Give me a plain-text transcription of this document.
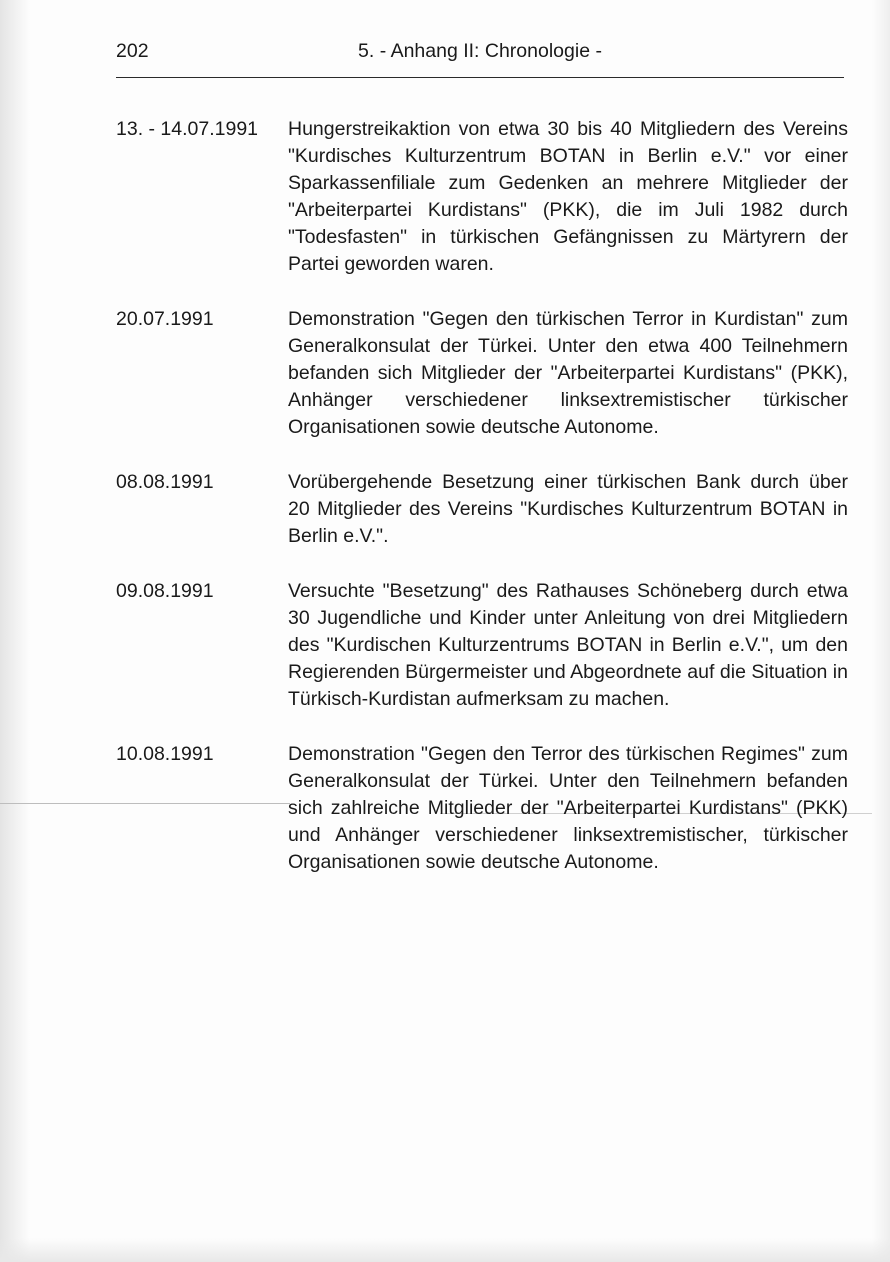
202	5. - Anhang II: Chronologie -
13. - 14.07.1991	Hungerstreikaktion von etwa 30 bis 40 Mitgliedern des Vereins "Kurdisches Kulturzentrum BOTAN in Berlin e.V." vor einer Sparkassenfiliale zum Gedenken an mehrere Mitglieder der "Arbeiterpartei Kurdistans" (PKK), die im Juli 1982 durch "Todesfasten" in türkischen Gefängnissen zu Märtyrern der Partei geworden waren.
20.07.1991	Demonstration "Gegen den türkischen Terror in Kurdistan" zum Generalkonsulat der Türkei. Unter den etwa 400 Teilnehmern befanden sich Mitglieder der "Arbeiterpartei Kurdistans" (PKK), Anhänger verschiedener linksextremistischer türkischer Organisationen sowie deutsche Autonome.
08.08.1991	Vorübergehende Besetzung einer türkischen Bank durch über 20 Mitglieder des Vereins "Kurdisches Kulturzentrum BOTAN in Berlin e.V.".
09.08.1991	Versuchte "Besetzung" des Rathauses Schöneberg durch etwa 30 Jugendliche und Kinder unter Anleitung von drei Mitgliedern des "Kurdischen Kulturzentrums BOTAN in Berlin e.V.", um den Regierenden Bürgermeister und Abgeordnete auf die Situation in Türkisch-Kurdistan aufmerksam zu machen.
10.08.1991	Demonstration "Gegen den Terror des türkischen Regimes" zum Generalkonsulat der Türkei. Unter den Teilnehmern befanden sich zahlreiche Mitglieder der "Arbeiterpartei Kurdistans" (PKK) und Anhänger verschiedener linksextremistischer, türkischer Organisationen sowie deutsche Autonome.
